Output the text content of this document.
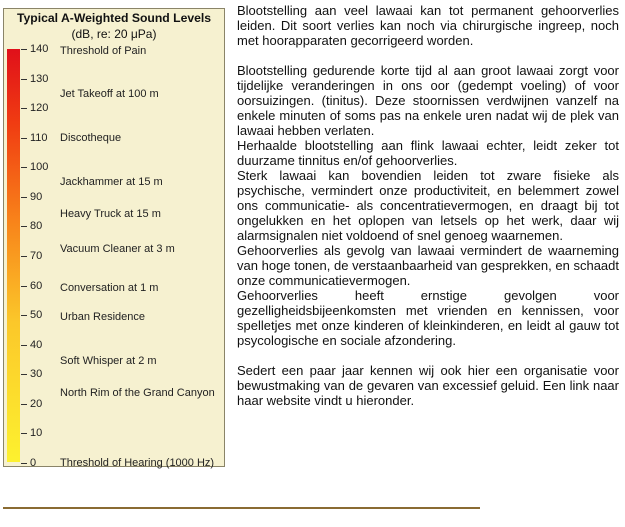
Typical A-Weighted Sound Levels
(dB, re: 20 μPa)
140
130
120
110
100
90
80
70
60
50
40
30
20
10
0
Threshold of Pain
Jet Takeoff at 100 m
Discotheque
Jackhammer at 15 m
Heavy Truck at 15 m
Vacuum Cleaner at 3 m
Conversation at 1 m
Urban Residence
Soft Whisper at 2 m
North Rim of the Grand Canyon
Threshold of Hearing (1000 Hz)

Blootstelling aan veel lawaai kan tot permanent gehoorverlies leiden. Dit soort verlies kan noch via chirurgische ingreep, noch met hoorapparaten gecorrigeerd worden.

Blootstelling gedurende korte tijd al aan groot lawaai zorgt voor tijdelijke veranderingen in ons oor (gedempt voeling) of voor oorsuizingen. (tinitus). Deze stoornissen verdwijnen vanzelf na enkele minuten of soms pas na enkele uren nadat wij de plek van lawaai hebben verlaten.

Herhaalde blootstelling aan flink lawaai echter, leidt zeker tot duurzame tinnitus en/of gehoorverlies.

Sterk lawaai kan bovendien leiden tot zware fisieke als psychische, vermindert onze productiviteit, en belemmert zowel ons communicatie- als concentratievermogen, en draagt bij tot ongelukken en het oplopen van letsels op het werk, daar wij alarmsignalen niet voldoend of snel genoeg waarnemen.

Gehoorverlies als gevolg van lawaai vermindert de waarneming van hoge tonen, de verstaanbaarheid van gesprekken, en schaadt onze communicatievermogen.

Gehoorverlies heeft ernstige gevolgen voor gezelligheidsbijeenkomsten met vrienden en kennissen, voor spelletjes met onze kinderen of kleinkinderen, en leidt al gauw tot psycologische en sociale afzondering.

Sedert een paar jaar kennen wij ook hier een organisatie voor bewustmaking van de gevaren van excessief geluid. Een link naar haar website vindt u hieronder.
